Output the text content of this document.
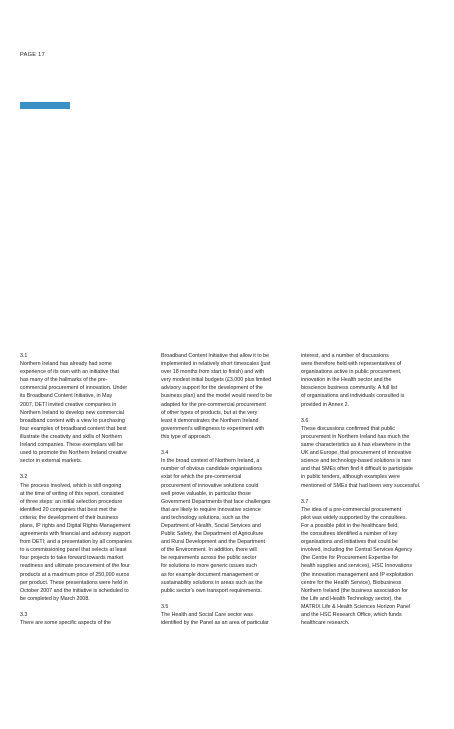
PAGE 17
3.1

Northern Ireland has already had some
experience of its own with an initiative that
has many of the hallmarks of the pre-
commercial procurement of innovation. Under
its Broadband Content Initiative, in May
2007, DETI invited creative companies in
Northern Ireland to develop new commercial
broadband content with a view to purchasing
four examples of broadband content that best
illustrate the creativity and skills of Northern
Ireland companies. These exemplars will be
used to promote the Northern Ireland creative
sector in external markets.

3.2

The process involved, which is still ongoing
at the time of writing of this report, consisted
of three steps: an initial selection procedure
identified 20 companies that best met the
criteria; the development of their business
plans, IP rights and Digital Rights Management
agreements with financial and advisory support
from DETI; and a presentation by all companies
to a commissioning panel that selects at least
four projects to take forward towards market
readiness and ultimate procurement of the four
products at a maximum price of 250,000 euros
per product. These presentations were held in
October 2007 and the initiative is scheduled to
be completed by March 2008.

3.3

There are some specific aspects of the

Broadband Content Initiative that allow it to be
implemented in relatively short timescales (just
over 18 months from start to finish) and with
very modest initial budgets (£3,000 plus limited
advisory support for the development of the
business plan) and the model would need to be
adapted for the pre-commercial procurement
of other types of products, but at the very
least it demonstrates the Northern Ireland
government's willingness to experiment with
this type of approach.

3.4

In the broad context of Northern Ireland, a
number of obvious candidate organisations
exist for which the pre-commercial
procurement of innovative solutions could
well prove valuable, in particular those
Government Departments that face challenges
that are likely to require innovative science
and technology solutions, such as the
Department of Health, Social Services and
Public Safety, the Department of Agriculture
and Rural Development and the Department
of the Environment. In addition, there will
be requirements across the public sector
for solutions to more generic issues such
as for example document management or
sustainability solutions in areas such as the
public sector's own transport requirements.

3.5

The Health and Social Care sector was
identified by the Panel as an area of particular

interest, and a number of discussions
were therefore held with representatives of
organisations active in public procurement,
innovation in the Health sector and the
bioscience business community. A full list
of organisations and individuals consulted is
provided in Annex 2.

3.6

These discussions confirmed that public
procurement in Northern Ireland has much the
same characteristics as it has elsewhere in the
UK and Europe, that procurement of innovative
science and technology-based solutions is rare
and that SMEs often find it difficult to participate
in public tenders, although examples were
mentioned of SMEs that had been very successful.

3.7

The idea of a pre-commercial procurement
pilot was widely supported by the consultees.
For a possible pilot in the healthcare field,
the consultees identified a number of key
organisations and initiatives that could be
involved, including the Central Services Agency
(the Centre for Procurement Expertise for
health supplies and services), HSC Innovations
(the innovation management and IP exploitation
centre for the Health Service), Biobusiness
Northern Ireland (the business association for
the Life and Health Technology sector), the
MATRIX Life & Health Sciences Horizon Panel
and the HSC Research Office, which funds
healthcare research.
